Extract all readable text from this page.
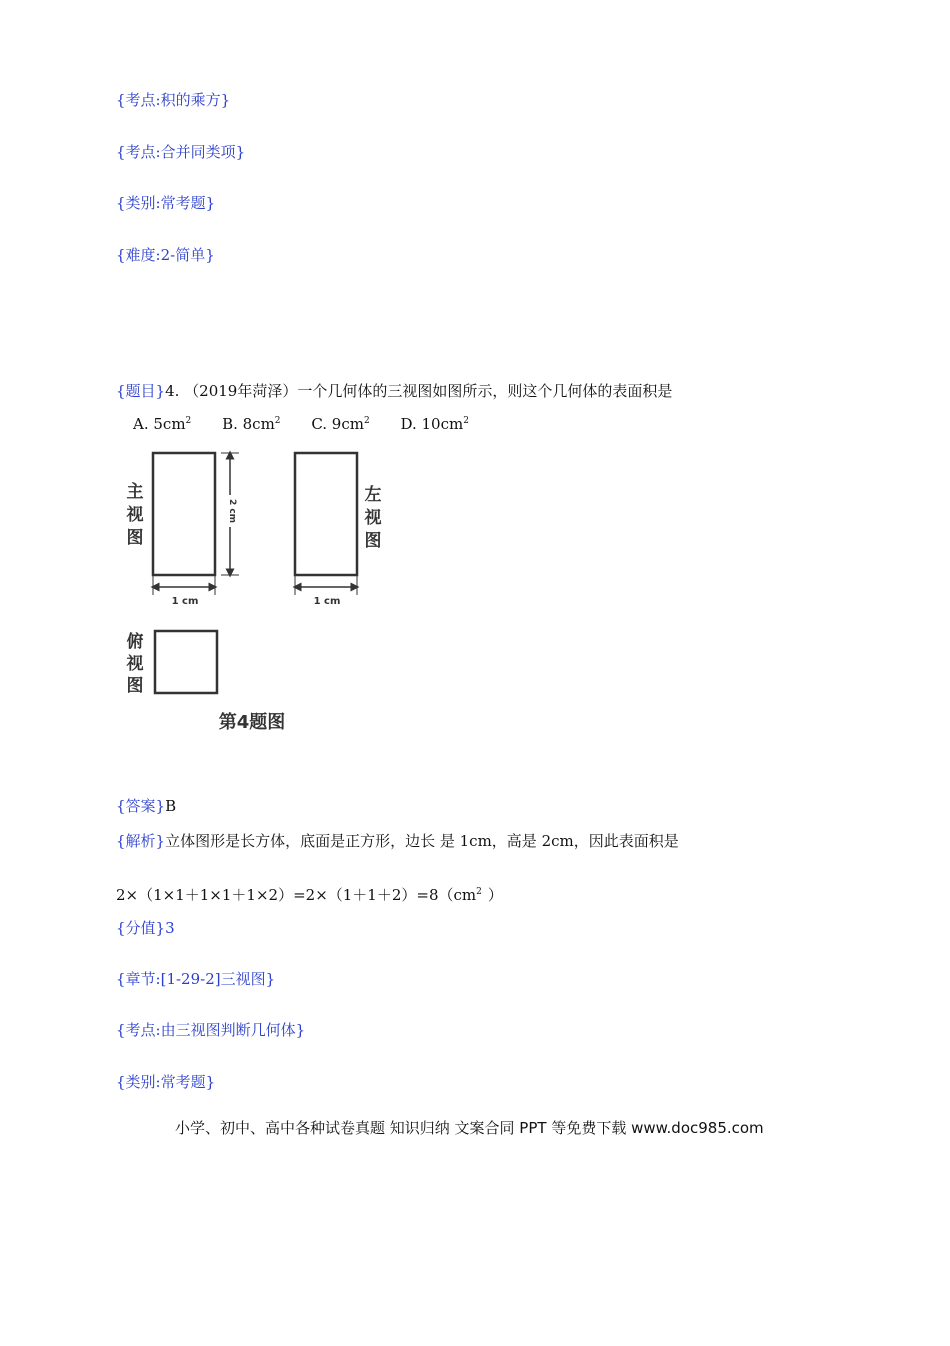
{考点:积的乘方}
{考点:合并同类项}
{类别:常考题}
{难度:2-简单}
{题目}4. （2019年菏泽）一个几何体的三视图如图所示，则这个几何体的表面积是
A. $5cm^2$ B. $8cm^2$ C. $9cm^2$ D. $10cm^2$
主
视
图
2 cm
1 cm
左
视
图
1 cm
俯
视
图
第4题图
{答案}B
{解析}立体图形是长方体，底面是正方形，边长 是 1cm，高是 2cm，因此表面积是
$2\times(1\times 1+1\times 1+1\times 2)=2\times(1+1+2)=8(cm^2$ ）
{分值}3
{章节:[1-29-2]三视图}
{考点:由三视图判断几何体}
{类别:常考题}
小学、初中、高中各种试卷真题 知识归纳 文案合同 PPT 等免费下载 www.doc985.com
